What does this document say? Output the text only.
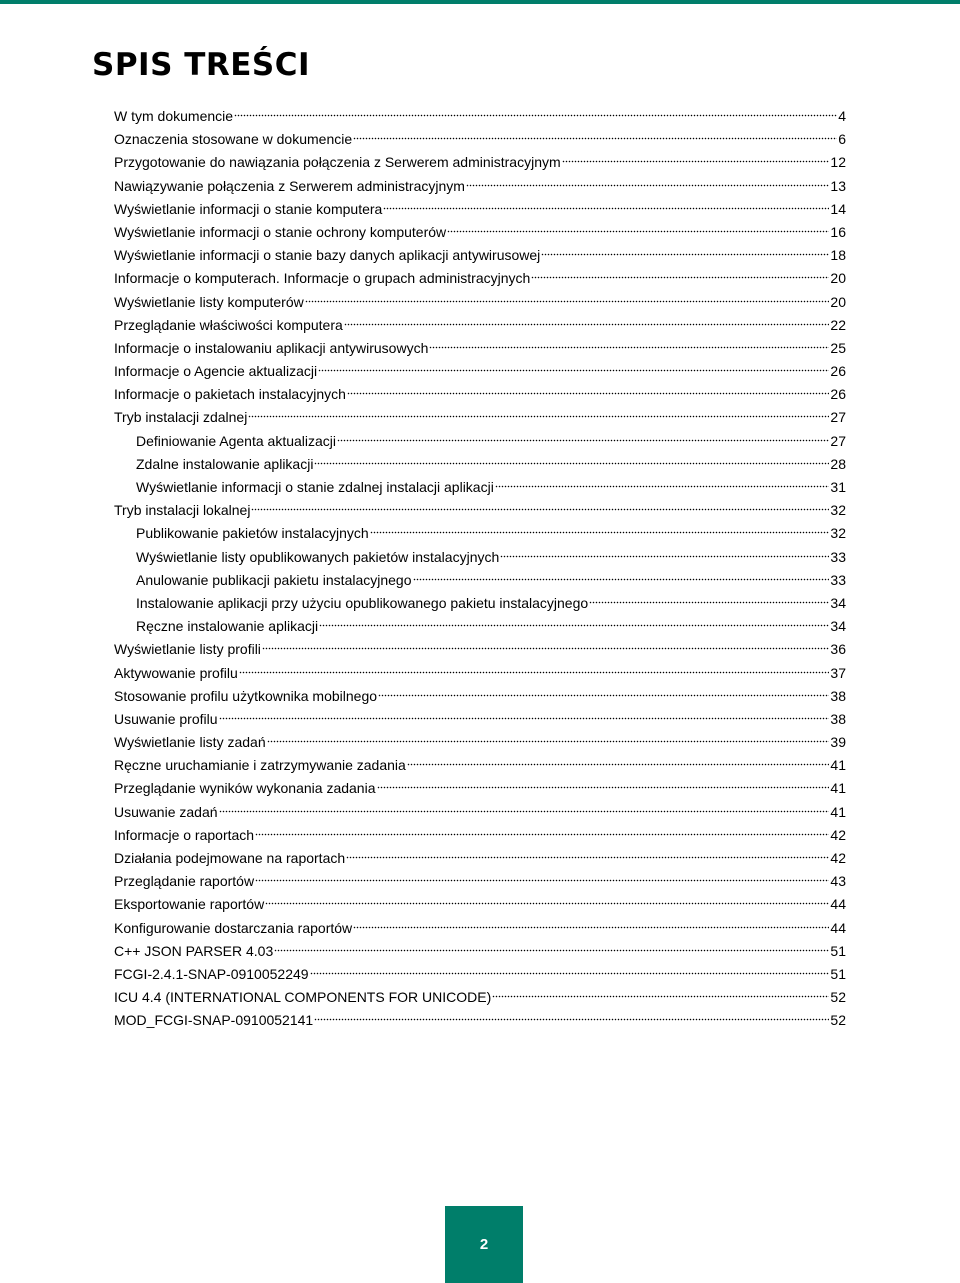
SPIS TREŚCI
W tym dokumencie	4
Oznaczenia stosowane w dokumencie	6
Przygotowanie do nawiązania połączenia z Serwerem administracyjnym	12
Nawiązywanie połączenia z Serwerem administracyjnym	13
Wyświetlanie informacji o stanie komputera	14
Wyświetlanie informacji o stanie ochrony komputerów	16
Wyświetlanie informacji o stanie bazy danych aplikacji antywirusowej	18
Informacje o komputerach. Informacje o grupach administracyjnych	20
Wyświetlanie listy komputerów	20
Przeglądanie właściwości komputera	22
Informacje o instalowaniu aplikacji antywirusowych	25
Informacje o Agencie aktualizacji	26
Informacje o pakietach instalacyjnych	26
Tryb instalacji zdalnej	27
Definiowanie Agenta aktualizacji	27
Zdalne instalowanie aplikacji	28
Wyświetlanie informacji o stanie zdalnej instalacji aplikacji	31
Tryb instalacji lokalnej	32
Publikowanie pakietów instalacyjnych	32
Wyświetlanie listy opublikowanych pakietów instalacyjnych	33
Anulowanie publikacji pakietu instalacyjnego	33
Instalowanie aplikacji przy użyciu opublikowanego pakietu instalacyjnego	34
Ręczne instalowanie aplikacji	34
Wyświetlanie listy profili	36
Aktywowanie profilu	37
Stosowanie profilu użytkownika mobilnego	38
Usuwanie profilu	38
Wyświetlanie listy zadań	39
Ręczne uruchamianie i zatrzymywanie zadania	41
Przeglądanie wyników wykonania zadania	41
Usuwanie zadań	41
Informacje o raportach	42
Działania podejmowane na raportach	42
Przeglądanie raportów	43
Eksportowanie raportów	44
Konfigurowanie dostarczania raportów	44
C++ JSON PARSER 4.03	51
FCGI-2.4.1-SNAP-0910052249	51
ICU 4.4 (INTERNATIONAL COMPONENTS FOR UNICODE)	52
MOD_FCGI-SNAP-0910052141	52
2
